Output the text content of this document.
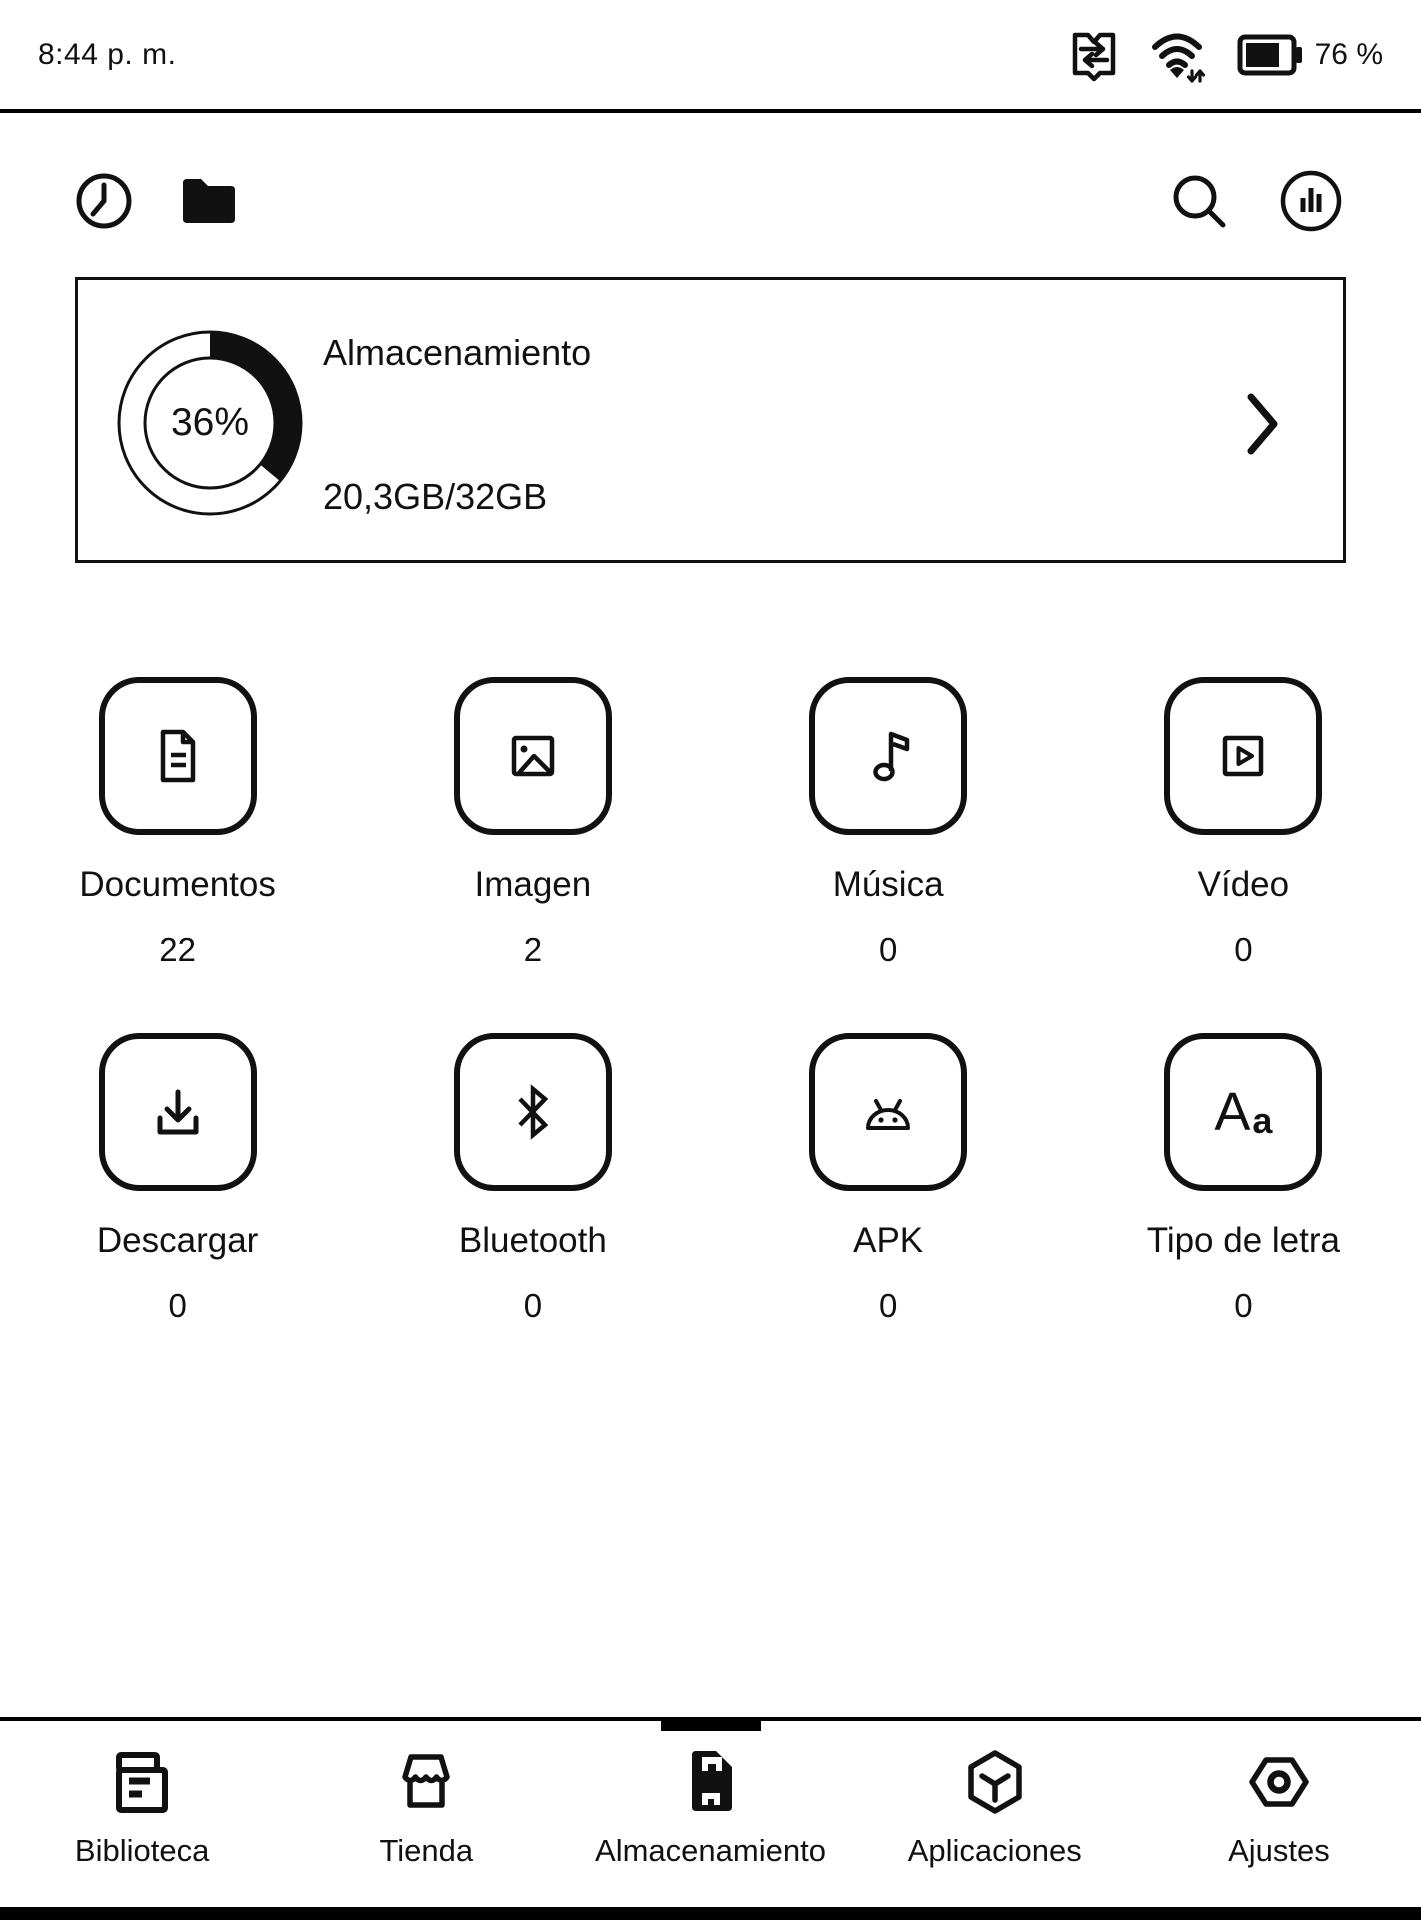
8:44 p. m.	76 %
36%
Almacenamiento
20,3GB/32GB
Documentos
22
Imagen
2
Música
0
Vídeo
0
Descargar
0
Bluetooth
0
APK
0
A a
Tipo de letra
0
Biblioteca	Tienda	Almacenamiento	Aplicaciones	Ajustes
